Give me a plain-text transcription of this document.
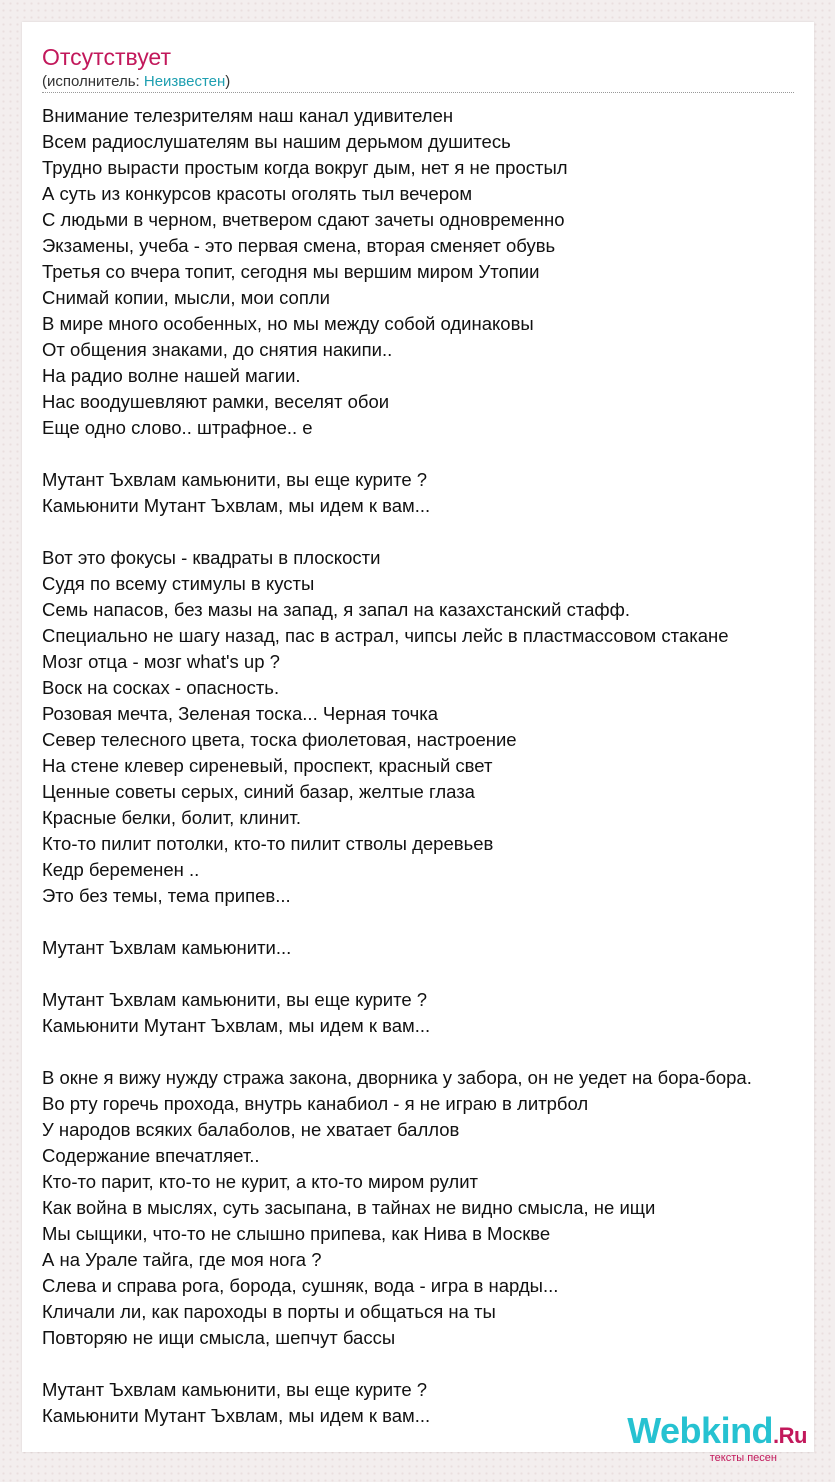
Отсутствует
(исполнитель: Неизвестен)
Внимание телезрителям наш канал удивителен
Всем радиослушателям вы нашим дерьмом душитесь
Трудно вырасти простым когда вокруг дым, нет я не простыл
А суть из конкурсов красоты оголять тыл вечером
С людьми в черном, вчетвером сдают зачеты одновременно
Экзамены, учеба - это первая смена, вторая сменяет обувь
Третья со вчера топит, сегодня мы вершим миром Утопии
Снимай копии, мысли, мои сопли
В мире много особенных, но мы между собой одинаковы
От общения знаками, до снятия накипи..
На радио волне нашей магии.
Нас воодушевляют рамки, веселят обои
Еще одно слово.. штрафное.. е
Мутант Ъхвлам камьюнити, вы еще курите ?
Камьюнити Мутант Ъхвлам, мы идем к вам...
Вот это фокусы - квадраты в плоскости
Судя по всему стимулы в кусты
Семь напасов, без мазы на запад, я запал на казахстанский стафф.
Специально не шагу назад, пас в астрал, чипсы лейс в пластмассовом стакане
Мозг отца - мозг what's up ?
Воск на сосках - опасность.
Розовая мечта, Зеленая тоска... Черная точка
Север телесного цвета, тоска фиолетовая, настроение
На стене клевер сиреневый, проспект, красный свет
Ценные советы серых, синий базар, желтые глаза
Красные белки, болит, клинит.
Кто-то пилит потолки, кто-то пилит стволы деревьев
Кедр беременен ..
Это без темы, тема припев...
Мутант Ъхвлам камьюнити...
Мутант Ъхвлам камьюнити, вы еще курите ?
Камьюнити Мутант Ъхвлам, мы идем к вам...
В окне я вижу нужду стража закона, дворника у забора, он не уедет на бора-бора.
Во рту горечь прохода, внутрь канабиол - я не играю в литрбол
У народов всяких балаболов, не хватает баллов
Содержание впечатляет..
Кто-то парит, кто-то не курит, а кто-то миром рулит
Как война в мыслях, суть засыпана, в тайнах не видно смысла, не ищи
Мы сыщики, что-то не слышно припева, как Нива в Москве
А на Урале тайга, где моя нога ?
Слева и справа рога, борода, сушняк, вода - игра в нарды...
Кличали ли, как пароходы в порты и общаться на ты
Повторяю не ищи смысла, шепчут бассы
Мутант Ъхвлам камьюнити, вы еще курите ?
Камьюнити Мутант Ъхвлам, мы идем к вам...	Webkind.Ru
тексты песен
